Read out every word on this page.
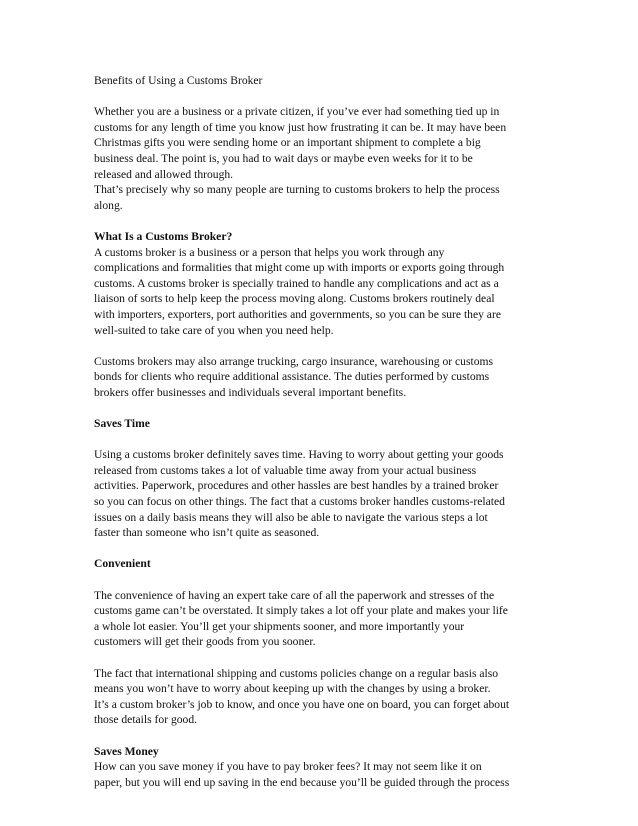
Benefits of Using a Customs Broker

Whether you are a business or a private citizen, if you’ve ever had something tied up in
customs for any length of time you know just how frustrating it can be. It may have been
Christmas gifts you were sending home or an important shipment to complete a big
business deal. The point is, you had to wait days or maybe even weeks for it to be
released and allowed through.

That’s precisely why so many people are turning to customs brokers to help the process
along.

What Is a Customs Broker?

A customs broker is a business or a person that helps you work through any
complications and formalities that might come up with imports or exports going through
customs. A customs broker is specially trained to handle any complications and act as a
liaison of sorts to help keep the process moving along. Customs brokers routinely deal
with importers, exporters, port authorities and governments, so you can be sure they are
well-suited to take care of you when you need help.

Customs brokers may also arrange trucking, cargo insurance, warehousing or customs
bonds for clients who require additional assistance. The duties performed by customs
brokers offer businesses and individuals several important benefits.

Saves Time

Using a customs broker definitely saves time. Having to worry about getting your goods
released from customs takes a lot of valuable time away from your actual business
activities. Paperwork, procedures and other hassles are best handles by a trained broker
so you can focus on other things. The fact that a customs broker handles customs-related
issues on a daily basis means they will also be able to navigate the various steps a lot
faster than someone who isn’t quite as seasoned.

Convenient

The convenience of having an expert take care of all the paperwork and stresses of the
customs game can’t be overstated. It simply takes a lot off your plate and makes your life
a whole lot easier. You’ll get your shipments sooner, and more importantly your
customers will get their goods from you sooner.

The fact that international shipping and customs policies change on a regular basis also
means you won’t have to worry about keeping up with the changes by using a broker.
It’s a custom broker’s job to know, and once you have one on board, you can forget about
those details for good.

Saves Money

How can you save money if you have to pay broker fees? It may not seem like it on
paper, but you will end up saving in the end because you’ll be guided through the process
